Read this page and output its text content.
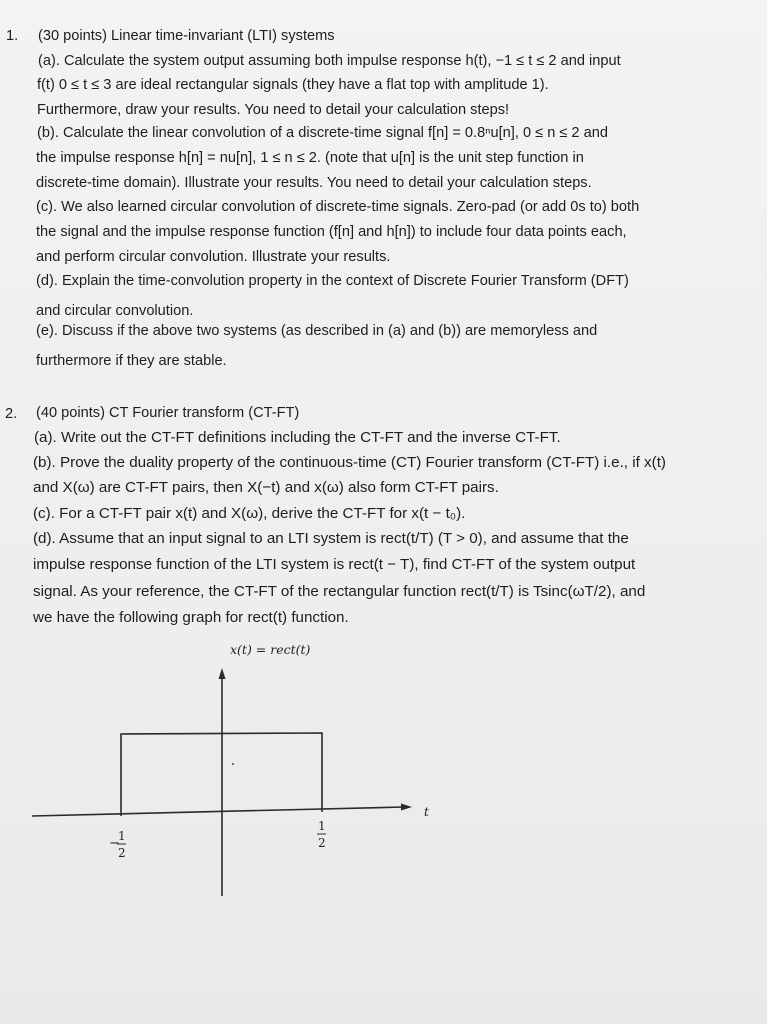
1. (30 points) Linear time-invariant (LTI) systems
(a). Calculate the system output assuming both impulse response h(t), −1 ≤ t ≤ 2 and input
f(t) 0 ≤ t ≤ 3 are ideal rectangular signals (they have a flat top with amplitude 1).
Furthermore, draw your results. You need to detail your calculation steps!
(b). Calculate the linear convolution of a discrete-time signal f[n] = 0.8ⁿu[n], 0 ≤ n ≤ 2 and
the impulse response h[n] = nu[n], 1 ≤ n ≤ 2. (note that u[n] is the unit step function in
discrete-time domain). Illustrate your results. You need to detail your calculation steps.
(c). We also learned circular convolution of discrete-time signals. Zero-pad (or add 0s to) both
the signal and the impulse response function (f[n] and h[n]) to include four data points each,
and perform circular convolution. Illustrate your results.
(d). Explain the time-convolution property in the context of Discrete Fourier Transform (DFT)
and circular convolution.
(e). Discuss if the above two systems (as described in (a) and (b)) are memoryless and
furthermore if they are stable.
2. (40 points) CT Fourier transform (CT-FT)
(a). Write out the CT-FT definitions including the CT-FT and the inverse CT-FT.
(b). Prove the duality property of the continuous-time (CT) Fourier transform (CT-FT) i.e., if x(t)
and X(ω) are CT-FT pairs, then X(−t) and x(ω) also form CT-FT pairs.
(c). For a CT-FT pair x(t) and X(ω), derive the CT-FT for x(t − t₀).
(d). Assume that an input signal to an LTI system is rect(t/T) (T > 0), and assume that the
impulse response function of the LTI system is rect(t − T), find CT-FT of the system output
signal. As your reference, the CT-FT of the rectangular function rect(t/T) is Tsinc(ωT/2), and
we have the following graph for rect(t) function.
x(t) = rect(t)
t
−
1
2
1
2
